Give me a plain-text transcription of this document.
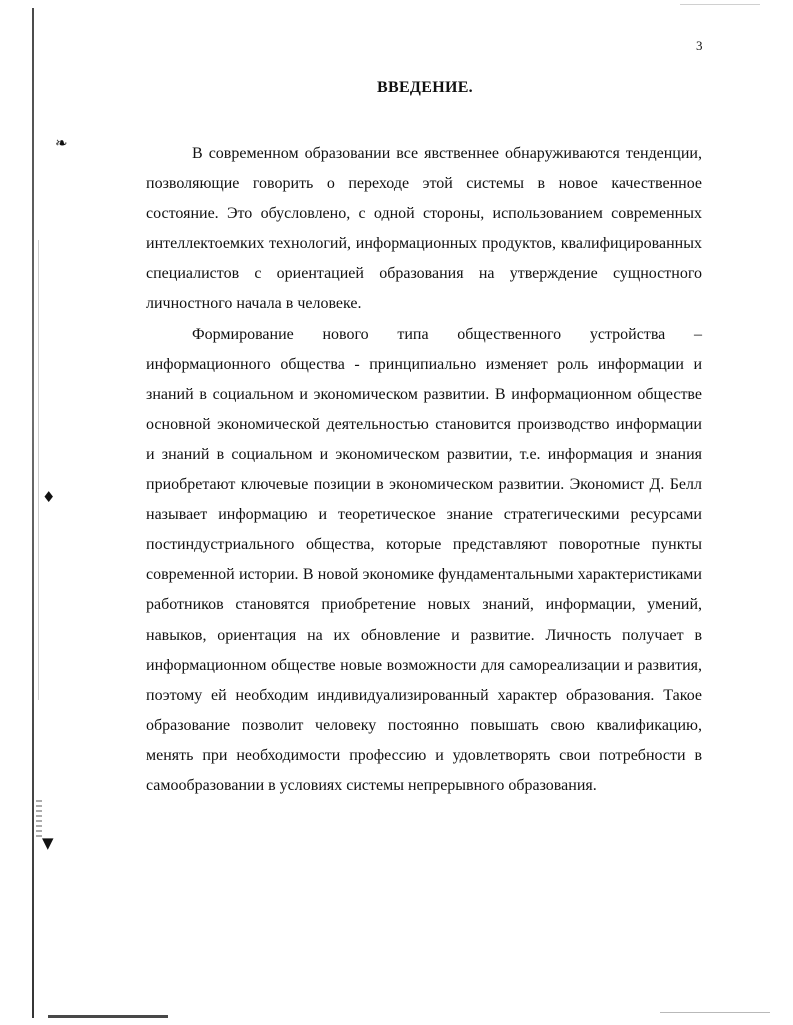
❧
♦
▼
3
ВВЕДЕНИЕ.

В современном образовании все явственнее обнаруживаются тенденции, позволяющие говорить о переходе этой системы в новое качественное состояние. Это обусловлено, с одной стороны, использованием современных интеллектоемких технологий, информационных продуктов, квалифицированных специалистов с ориентацией образования на утверждение сущностного личностного начала в человеке.

Формирование нового типа общественного устройства – информационного общества - принципиально изменяет роль информации и знаний в социальном и экономическом развитии. В информационном обществе основной экономической деятельностью становится производство информации и знаний в социальном и экономическом развитии, т.е. информация и знания приобретают ключевые позиции в экономическом развитии. Экономист Д. Белл называет информацию и теоретическое знание стратегическими ресурсами постиндустриального общества, которые представляют поворотные пункты современной истории. В новой экономике фундаментальными характеристиками работников становятся приобретение новых знаний, информации, умений, навыков, ориентация на их обновление и развитие. Личность получает в информационном обществе новые возможности для самореализации и развития, поэтому ей необходим индивидуализированный характер образования. Такое образование позволит человеку постоянно повышать свою квалификацию, менять при необходимости профессию и удовлетворять свои потребности в самообразовании в условиях системы непрерывного образования.
